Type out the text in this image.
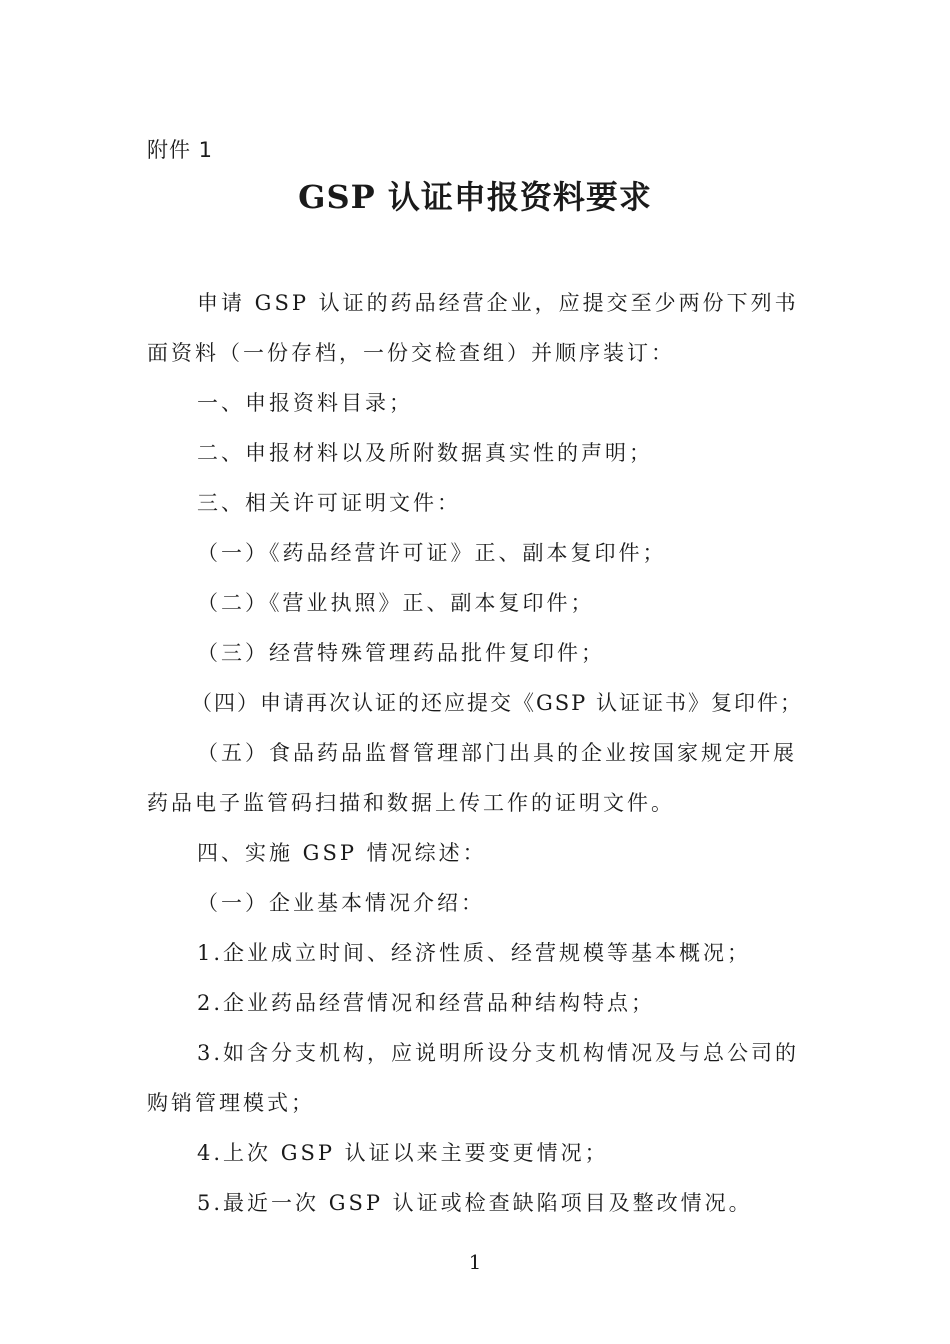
附件 1
GSP 认证申报资料要求

申请 GSP 认证的药品经营企业，应提交至少两份下列书面资料（一份存档，一份交检查组）并顺序装订：

一、申报资料目录；

二、申报材料以及所附数据真实性的声明；

三、相关许可证明文件：

（一）《药品经营许可证》正、副本复印件；

（二）《营业执照》正、副本复印件；

（三）经营特殊管理药品批件复印件；

（四）申请再次认证的还应提交《GSP 认证证书》复印件；

（五）食品药品监督管理部门出具的企业按国家规定开展药品电子监管码扫描和数据上传工作的证明文件。

四、实施 GSP 情况综述：

（一）企业基本情况介绍：

1.企业成立时间、经济性质、经营规模等基本概况；

2.企业药品经营情况和经营品种结构特点；

3.如含分支机构，应说明所设分支机构情况及与总公司的购销管理模式；

4.上次 GSP 认证以来主要变更情况；

5.最近一次 GSP 认证或检查缺陷项目及整改情况。

1
